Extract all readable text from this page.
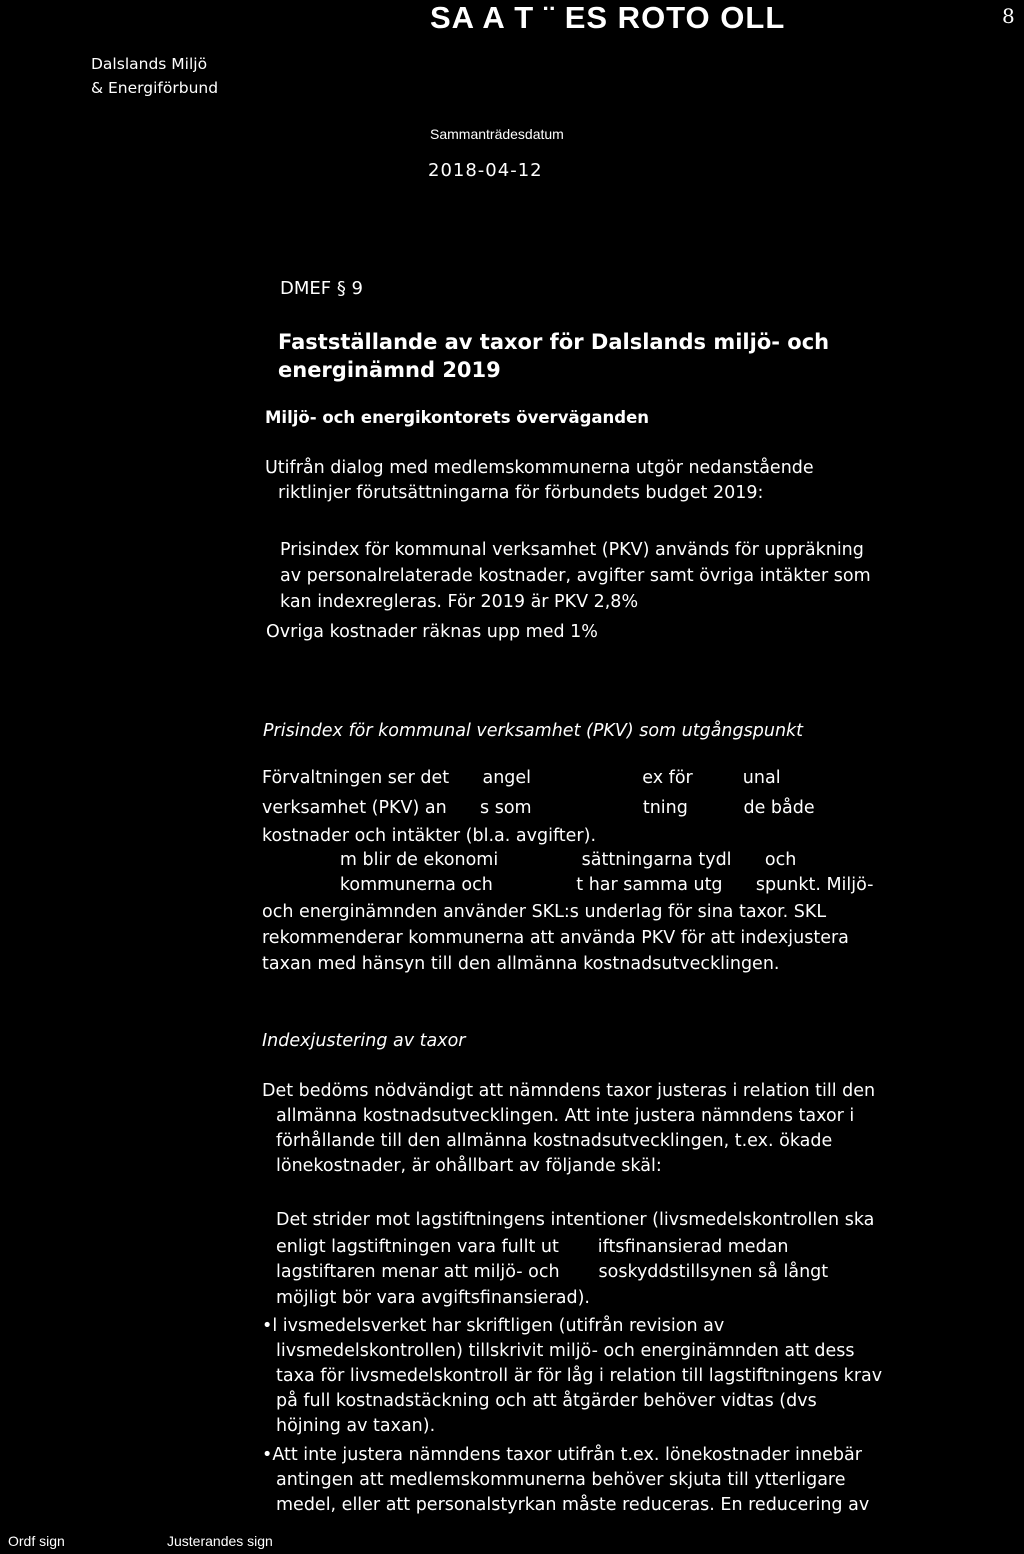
SA A T ¨ ES ROTO OLL	8
Dalslands Miljö
& Energiförbund
Sammanträdesdatum
2018-04-12
DMEF § 9
Fastställande av taxor för Dalslands miljö- och
energinämnd 2019
Miljö- och energikontorets överväganden
Utifrån dialog med medlemskommunerna utgör nedanstående
riktlinjer förutsättningarna för förbundets budget 2019:
Prisindex för kommunal verksamhet (PKV) används för uppräkning
av personalrelaterade kostnader, avgifter samt övriga intäkter som
kan indexregleras. För 2019 är PKV 2,8%
Ovriga kostnader räknas upp med 1%
Prisindex för kommunal verksamhet (PKV) som utgångspunkt
Förvaltningen ser det      angel                    ex för         unal
verksamhet (PKV) an      s som                    tning          de både
kostnader och intäkter (bl.a. avgifter).
m blir de ekonomi               sättningarna tydl      och
kommunerna och               t har samma utg      spunkt. Miljö-
och energinämnden använder SKL:s underlag för sina taxor. SKL
rekommenderar kommunerna att använda PKV för att indexjustera
taxan med hänsyn till den allmänna kostnadsutvecklingen.
Indexjustering av taxor
Det bedöms nödvändigt att nämndens taxor justeras i relation till den
allmänna kostnadsutvecklingen. Att inte justera nämndens taxor i
förhållande till den allmänna kostnadsutvecklingen, t.ex. ökade
lönekostnader, är ohållbart av följande skäl:
Det strider mot lagstiftningens intentioner (livsmedelskontrollen ska
enligt lagstiftningen vara fullt ut       iftsfinansierad medan
lagstiftaren menar att miljö- och       soskyddstillsynen så långt
möjligt bör vara avgiftsfinansierad).
•l ivsmedelsverket har skriftligen (utifrån revision av
livsmedelskontrollen) tillskrivit miljö- och energinämnden att dess
taxa för livsmedelskontroll är för låg i relation till lagstiftningens krav
på full kostnadstäckning och att åtgärder behöver vidtas (dvs
höjning av taxan).
•Att inte justera nämndens taxor utifrån t.ex. lönekostnader innebär
antingen att medlemskommunerna behöver skjuta till ytterligare
medel, eller att personalstyrkan måste reduceras. En reducering av
Ordf sign	Justerandes sign
